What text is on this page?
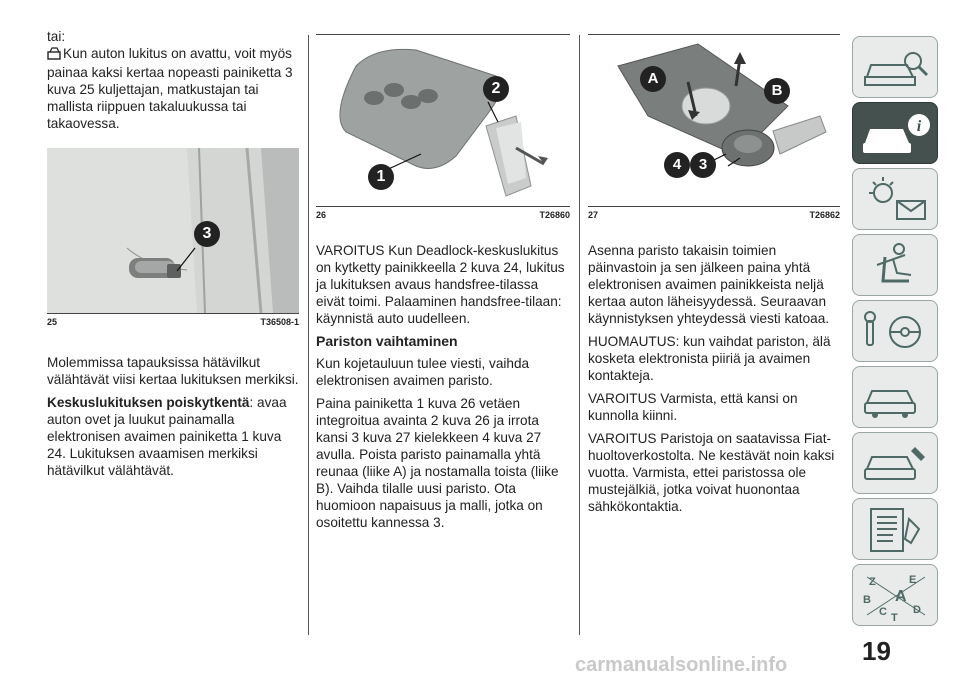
tai:

Kun auton lukitus on avattu, voit myös painaa kaksi kertaa nopeasti painiketta 3 kuva 25 kuljettajan, matkustajan tai mallista riippuen takaluukussa tai takaovessa.

3
25	T36508-1

Molemmissa tapauksissa hätävilkut välähtävät viisi kertaa lukituksen merkiksi.

Keskuslukituksen poiskytkentä: avaa auton ovet ja luukut painamalla elektronisen avaimen painiketta 1 kuva 24. Lukituksen avaamisen merkiksi hätävilkut välähtävät.

1
2
26	T26860

VAROITUS Kun Deadlock-keskuslukitus on kytketty painikkeella 2 kuva 24, lukitus ja lukituksen avaus handsfree-tilassa eivät toimi. Palaaminen handsfree-tilaan: käynnistä auto uudelleen.

Pariston vaihtaminen

Kun kojetauluun tulee viesti, vaihda elektronisen avaimen paristo.

Paina painiketta 1 kuva 26 vetäen integroitua avainta 2 kuva 26 ja irrota kansi 3 kuva 27 kielekkeen 4 kuva 27 avulla. Poista paristo painamalla yhtä reunaa (liike A) ja nostamalla toista (liike B). Vaihda tilalle uusi paristo. Ota huomioon napaisuus ja malli, jotka on osoitettu kannessa 3.

A
B
4	3
27	T26862

Asenna paristo takaisin toimien päinvastoin ja sen jälkeen paina yhtä elektronisen avaimen painikkeista neljä kertaa auton läheisyydessä. Seuraavan käynnistyksen yhteydessä viesti katoaa.

HUOMAUTUS: kun vaihdat pariston, älä kosketa elektronista piiriä ja avaimen kontakteja.

VAROITUS Varmista, että kansi on kunnolla kiinni.

VAROITUS Paristoja on saatavissa Fiat-huoltoverkostolta. Ne kestävät noin kaksi vuotta. Varmista, ettei paristossa ole mustejälkiä, jotka voivat huonontaa sähkökontaktia.

i
Z	E
A
B
C T
D
19
carmanualsonline.info
